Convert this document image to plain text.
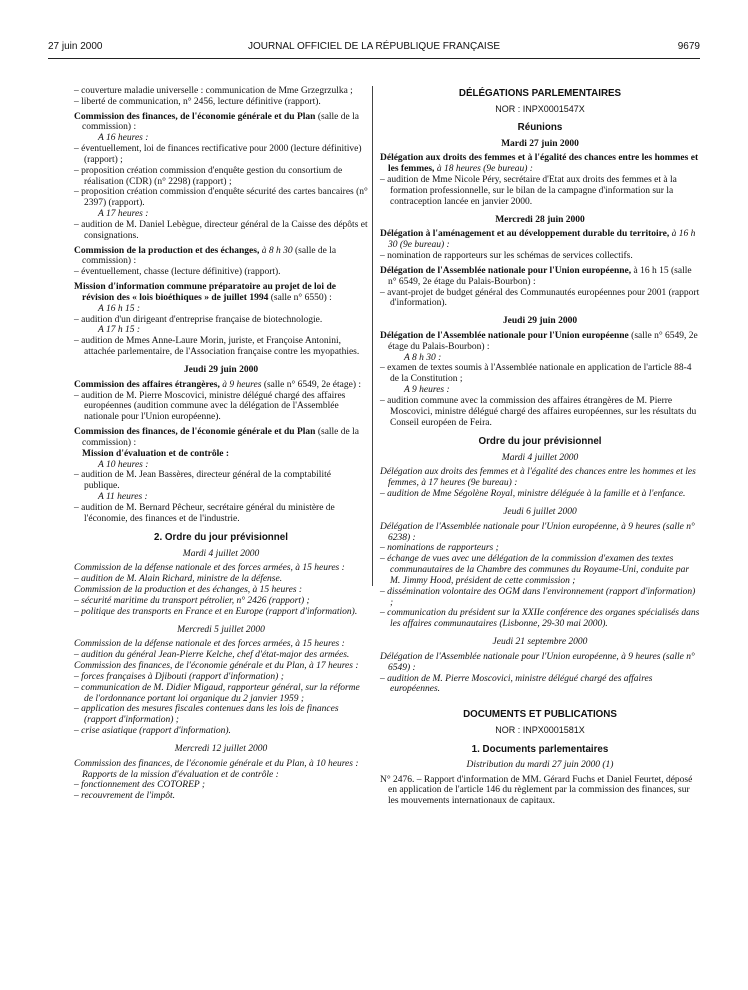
27 juin 2000	JOURNAL OFFICIEL DE LA RÉPUBLIQUE FRANÇAISE	9679

– couverture maladie universelle : communication de Mme Grzegrzulka ;

– liberté de communication, n° 2456, lecture définitive (rapport).

Commission des finances, de l'économie générale et du Plan (salle de la commission) :

A 16 heures :

– éventuellement, loi de finances rectificative pour 2000 (lecture définitive) (rapport) ;

– proposition création commission d'enquête gestion du consortium de réalisation (CDR) (n° 2298) (rapport) ;

– proposition création commission d'enquête sécurité des cartes bancaires (n° 2397) (rapport).

A 17 heures :

– audition de M. Daniel Lebègue, directeur général de la Caisse des dépôts et consignations.

Commission de la production et des échanges, à 8 h 30 (salle de la commission) :

– éventuellement, chasse (lecture définitive) (rapport).

Mission d'information commune préparatoire au projet de loi de révision des « lois bioéthiques » de juillet 1994 (salle n° 6550) :

A 16 h 15 :

– audition d'un dirigeant d'entreprise française de biotechnologie.

A 17 h 15 :

– audition de Mmes Anne-Laure Morin, juriste, et Françoise Antonini, attachée parlementaire, de l'Association française contre les myopathies.

Jeudi 29 juin 2000

Commission des affaires étrangères, à 9 heures (salle n° 6549, 2e étage) :

– audition de M. Pierre Moscovici, ministre délégué chargé des affaires européennes (audition commune avec la délégation de l'Assemblée nationale pour l'Union européenne).

Commission des finances, de l'économie générale et du Plan (salle de la commission) :

Mission d'évaluation et de contrôle :

A 10 heures :

– audition de M. Jean Bassères, directeur général de la comptabilité publique.

A 11 heures :

– audition de M. Bernard Pêcheur, secrétaire général du ministère de l'économie, des finances et de l'industrie.

2. Ordre du jour prévisionnel

Mardi 4 juillet 2000

Commission de la défense nationale et des forces armées, à 15 heures :

– audition de M. Alain Richard, ministre de la défense.

Commission de la production et des échanges, à 15 heures :

– sécurité maritime du transport pétrolier, n° 2426 (rapport) ;

– politique des transports en France et en Europe (rapport d'information).

Mercredi 5 juillet 2000

Commission de la défense nationale et des forces armées, à 15 heures :

– audition du général Jean-Pierre Kelche, chef d'état-major des armées.

Commission des finances, de l'économie générale et du Plan, à 17 heures :

– forces françaises à Djibouti (rapport d'information) ;

– communication de M. Didier Migaud, rapporteur général, sur la réforme de l'ordonnance portant loi organique du 2 janvier 1959 ;

– application des mesures fiscales contenues dans les lois de finances (rapport d'information) ;

– crise asiatique (rapport d'information).

Mercredi 12 juillet 2000

Commission des finances, de l'économie générale et du Plan, à 10 heures :

Rapports de la mission d'évaluation et de contrôle :

– fonctionnement des COTOREP ;

– recouvrement de l'impôt.

DÉLÉGATIONS PARLEMENTAIRES

NOR : INPX0001547X

Réunions

Mardi 27 juin 2000

Délégation aux droits des femmes et à l'égalité des chances entre les hommes et les femmes, à 18 heures (9e bureau) :

– audition de Mme Nicole Péry, secrétaire d'Etat aux droits des femmes et à la formation professionnelle, sur le bilan de la campagne d'information sur la contraception lancée en janvier 2000.

Mercredi 28 juin 2000

Délégation à l'aménagement et au développement durable du territoire, à 16 h 30 (9e bureau) :

– nomination de rapporteurs sur les schémas de services collectifs.

Délégation de l'Assemblée nationale pour l'Union européenne, à 16 h 15 (salle n° 6549, 2e étage du Palais-Bourbon) :

– avant-projet de budget général des Communautés européennes pour 2001 (rapport d'information).

Jeudi 29 juin 2000

Délégation de l'Assemblée nationale pour l'Union européenne (salle n° 6549, 2e étage du Palais-Bourbon) :

A 8 h 30 :

– examen de textes soumis à l'Assemblée nationale en application de l'article 88-4 de la Constitution ;

A 9 heures :

– audition commune avec la commission des affaires étrangères de M. Pierre Moscovici, ministre délégué chargé des affaires européennes, sur les résultats du Conseil européen de Feira.

Ordre du jour prévisionnel

Mardi 4 juillet 2000

Délégation aux droits des femmes et à l'égalité des chances entre les hommes et les femmes, à 17 heures (9e bureau) :

– audition de Mme Ségolène Royal, ministre déléguée à la famille et à l'enfance.

Jeudi 6 juillet 2000

Délégation de l'Assemblée nationale pour l'Union européenne, à 9 heures (salle n° 6238) :

– nominations de rapporteurs ;

– échange de vues avec une délégation de la commission d'examen des textes communautaires de la Chambre des communes du Royaume-Uni, conduite par M. Jimmy Hood, président de cette commission ;

– dissémination volontaire des OGM dans l'environnement (rapport d'information) ;

– communication du président sur la XXIIe conférence des organes spécialisés dans les affaires communautaires (Lisbonne, 29-30 mai 2000).

Jeudi 21 septembre 2000

Délégation de l'Assemblée nationale pour l'Union européenne, à 9 heures (salle n° 6549) :

– audition de M. Pierre Moscovici, ministre délégué chargé des affaires européennes.

DOCUMENTS ET PUBLICATIONS

NOR : INPX0001581X

1. Documents parlementaires

Distribution du mardi 27 juin 2000 (1)

N° 2476. – Rapport d'information de MM. Gérard Fuchs et Daniel Feurtet, déposé en application de l'article 146 du règlement par la commission des finances, sur les mouvements internationaux de capitaux.
